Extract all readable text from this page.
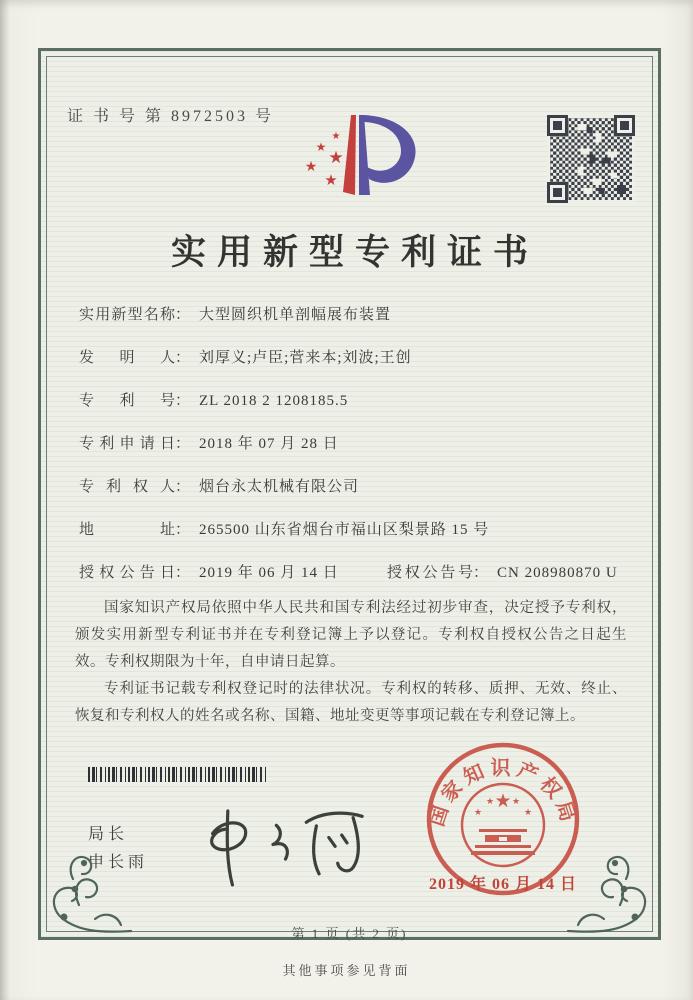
证 书 号 第 8972503 号
★
★
★
★
★
实用新型专利证书
实用新型名称： 大型圆织机单剖幅展布装置
发明人： 刘厚义;卢臣;菅来本;刘波;王创
专利号： ZL 2018 2 1208185.5
专利申请日： 2018 年 07 月 28 日
专利权人： 烟台永太机械有限公司
地址： 265500 山东省烟台市福山区梨景路 15 号
授权公告日： 2019 年 06 月 14 日	授权公告号： CN 208980870 U

国家知识产权局依照中华人民共和国专利法经过初步审查，决定授予专利权，颁发实用新型专利证书并在专利登记簿上予以登记。专利权自授权公告之日起生效。专利权期限为十年，自申请日起算。

专利证书记载专利权登记时的法律状况。专利权的转移、质押、无效、终止、恢复和专利权人的姓名或名称、国籍、地址变更等事项记载在专利登记簿上。

局长
申长雨
国家知识产权局
★
★
★ ★
★
2019 年 06 月 14 日
第 1 页 (共 2 页)
其他事项参见背面
